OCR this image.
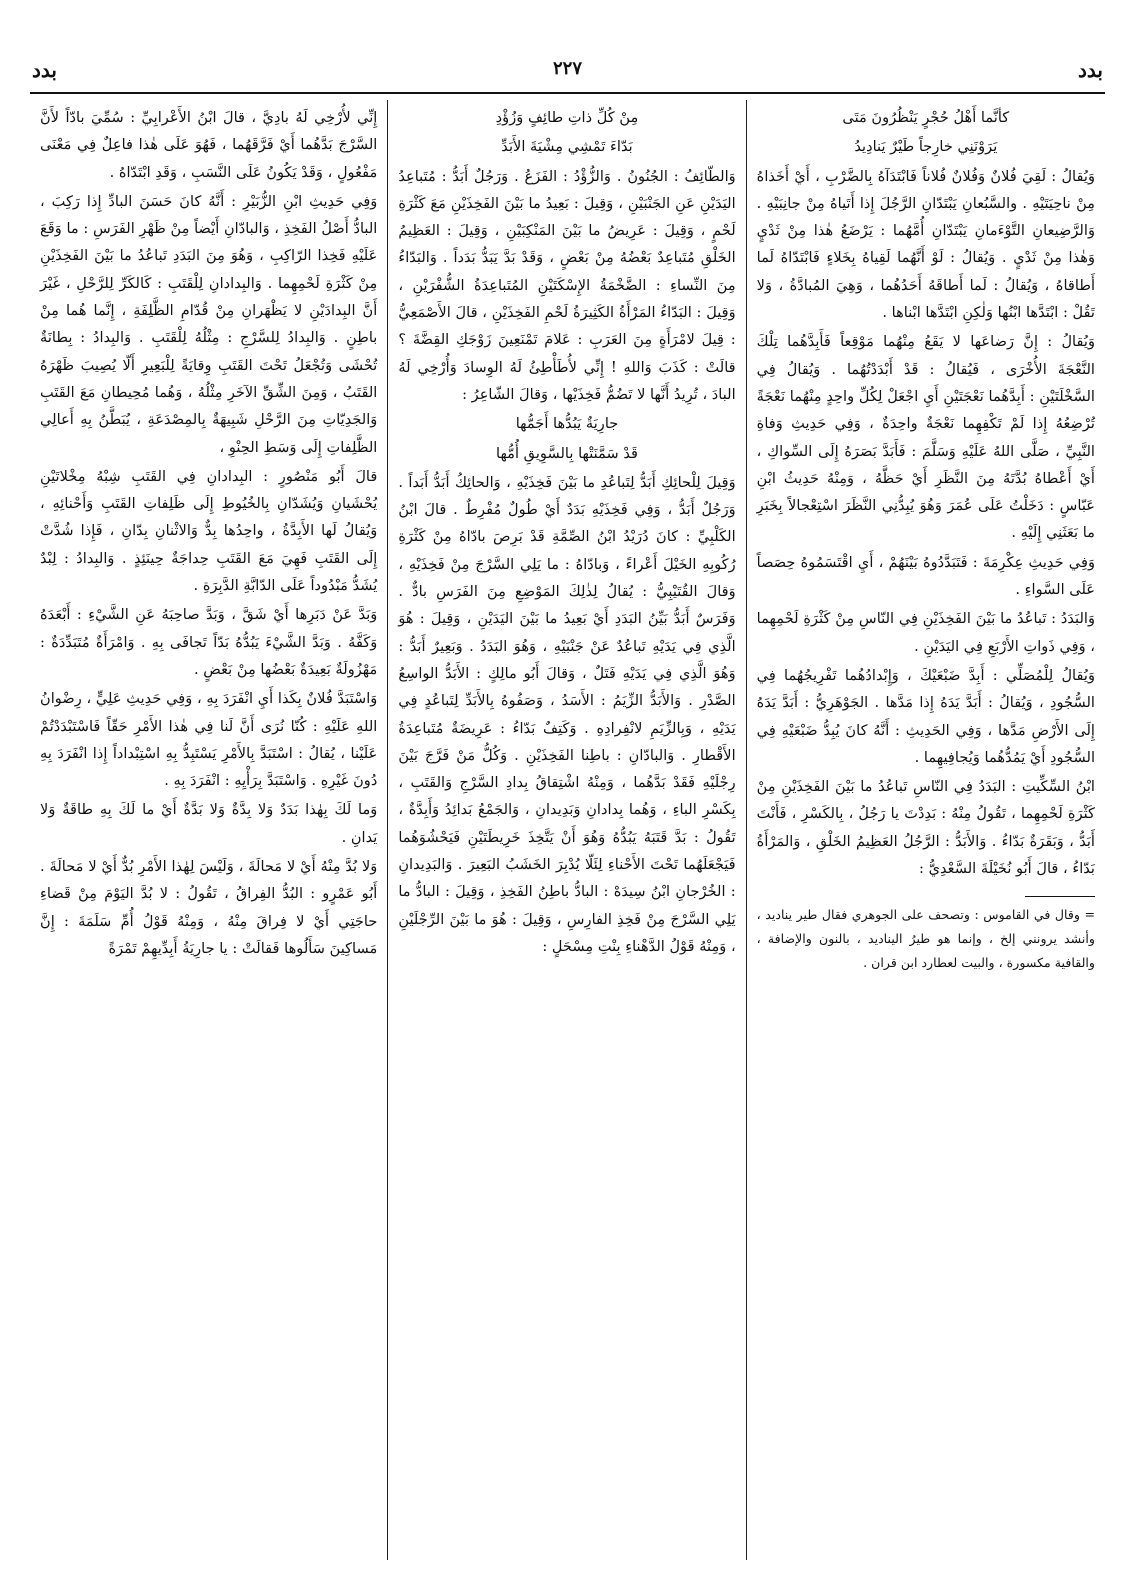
بدد
٢٢٧
بدد

كأنَّما أَهْلُ حُجْرٍ يَنْظُرُونَ مَتَى

يَرَوْنَنِي خارِجاً طَيْرٌ يَنادِيدُ

وَيُقالُ : لَقِيَ فُلانٌ وَفُلانٌ فُلاناً فَابْتَدَآهُ بِالضَّرْبِ ، أَيْ أَخَذاهُ مِنْ ناحِيَتَيْهِ . والسَّبُعانِ يَبْتَدّانِ الرَّجُلَ إِذا أَتَياهُ مِنْ جانِبَيْهِ . وَالرَّضِيعانِ التَّوْءَمانِ يَبْتَدّانِ أُمَّهُما : يَرْضَعُ هٰذا مِنْ ثَدْيٍ وَهٰذا مِنْ ثَدْيٍ . وَيُقالُ : لَوْ أَنَّهُما لَقِياهُ بِخَلاءٍ فَابْتَدّاهُ لَما أَطاقاهُ ، وَيُقالُ : لَما أَطاقَهُ أَحَدُهُما ، وَهِيَ المُبادَّةُ ، وَلا تَقُلْ : ابْتَدَّها ابْنُها وَلٰكِنِ ابْتَدَّها ابْناها .

وَيُقالُ : إِنَّ رَضاعَها لا يَقَعُ مِنْهُما مَوْقِعاً فَأَبِدَّهُما تِلْكَ النَّعْجَةَ الأُخْرَى ، فَيُقالُ : قَدْ أَبْدَدْتُهُما . وَيُقالُ فِي السَّخْلَتَيْنِ : أَبِدَّهُما نَعْجَتَيْنِ أَيِ اجْعَلْ لِكُلِّ واحِدٍ مِنْهُما نَعْجَةً تُرْضِعُهُ إِذا لَمْ تَكْفِهِما نَعْجَةٌ واحِدَةٌ ، وَفِي حَدِيثِ وَفاةِ النَّبِيِّ ، صَلَّى اللهُ عَلَيْهِ وَسَلَّمَ : فَأَبَدَّ بَصَرَهُ إِلَى السِّواكِ ، أَيْ أَعْطاهُ بُدَّتَهُ مِنَ النَّظَرِ أَيْ حَظَّهُ ، وَمِنْهُ حَدِيثُ ابْنِ عَبّاسٍ : دَخَلْتُ عَلَى عُمَرَ وَهُوَ يُبِدُّنِي النَّظَرَ اسْتِعْجالاً بِخَبَرِ ما بَعَثَنِي إِلَيْهِ .

وَفِي حَدِيثِ عِكْرِمَةَ : فَتَبَدَّدُوهُ بَيْنَهُمْ ، أَيِ اقْتَسَمُوهُ حِصَصاً عَلَى السَّواءِ .

وَالبَدَدُ : تَباعُدُ ما بَيْنَ الفَخِذَيْنِ فِي النّاسِ مِنْ كَثْرَةِ لَحْمِهِما ، وَفِي ذَواتِ الأَرْبَعِ فِي اليَدَيْنِ .

وَيُقالُ لِلْمُصَلِّي : أَبِدَّ ضَبْعَيْكَ ، وَإِبْدادُهُما تَفْرِيجُهُما فِي السُّجُودِ ، وَيُقالُ : أَبَدَّ يَدَهُ إِذا مَدَّها . الجَوْهَرِيُّ : أَبَدَّ يَدَهُ إِلَى الأَرْضِ مَدَّها ، وَفِي الحَدِيثِ : أَنَّهُ كانَ يُبِدُّ ضَبْعَيْهِ فِي السُّجُودِ أَيْ يَمُدُّهُما وَيُجافِيهِما .

ابْنُ السِّكِّيتِ : البَدَدُ فِي النّاسِ تَباعُدُ ما بَيْنَ الفَخِذَيْنِ مِنْ كَثْرَةِ لَحْمِهِما ، تَقُولُ مِنْهُ : بَدِدْتَ يا رَجُلُ ، بِالكَسْرِ ، فَأَنْتَ أَبَدُّ ، وَبَقَرَةٌ بَدّاءُ . وَالأَبَدُّ : الرَّجُلُ العَظِيمُ الخَلْقِ ، وَالمَرْأَةُ بَدّاءُ ، قالَ أَبُو نُخَيْلَةَ السَّعْدِيُّ :

= وقال في القاموس : وتصحف على الجوهري فقال طير يناديد ، وأنشد يرونني إلخ ، وإنما هو طيرُ اليناديد ، بالنون والإضافة ، والقافية مكسورة ، والبيت لعطارد ابن قران .

مِنْ كُلِّ ذاتِ طائِفٍ وَزُؤْدِ

بَدّاءَ تَمْشِي مِشْيَةَ الأَبَدِّ

وَالطّائِفُ : الجُنُونُ . وَالزُّؤْدُ : الفَزَعُ . وَرَجُلٌ أَبَدُّ : مُتَباعِدُ اليَدَيْنِ عَنِ الجَنْبَيْنِ ، وَقِيلَ : بَعِيدُ ما بَيْنَ الفَخِذَيْنِ مَعَ كَثْرَةِ لَحْمٍ ، وَقِيلَ : عَرِيضُ ما بَيْنَ المَنْكِبَيْنِ ، وَقِيلَ : العَظِيمُ الخَلْقِ مُتَباعِدٌ بَعْضُهُ مِنْ بَعْضٍ ، وَقَدْ بَدَّ يَبَدُّ بَدَداً . وَالبَدّاءُ مِنَ النِّساءِ : الضَّخْمَةُ الإِسْكَتَيْنِ المُتَباعِدَةُ الشُّفْرَيْنِ ، وَقِيلَ : البَدّاءُ المَرْأَةُ الكَثِيرَةُ لَحْمِ الفَخِذَيْنِ ، قالَ الأَصْمَعِيُّ : قِيلَ لامْرَأَةٍ مِنَ العَرَبِ : عَلامَ تَمْنَعِينَ زَوْجَكِ القِضَّةَ ؟ قالَتْ : كَذَبَ وَاللهِ ! إِنِّي لأُطَأْطِئُ لَهُ الوِسادَ وَأُرْخِي لَهُ البادَ ، تُرِيدُ أَنَّها لا تَضُمُّ فَخِذَيْها ، وَقالَ الشّاعِرُ :

جارِيَةٌ يَبُدُّها أَجَمُّها

قَدْ سَمَّنَتْها بِالسَّوِيقِ أُمُّها

وَقِيلَ لِلْحائِكِ أَبَدُّ لِتَباعُدِ ما بَيْنَ فَخِذَيْهِ ، وَالحائِكُ أَبَدُّ أَبَداً . وَرَجُلٌ أَبَدُّ ، وَفِي فَخِذَيْهِ بَدَدٌ أَيْ طُولٌ مُفْرِطٌ . قالَ ابْنُ الكَلْبِيِّ : كانَ دُرَيْدُ ابْنُ الصِّمَّةِ قَدْ بَرِصَ بادّاهُ مِنْ كَثْرَةِ رُكُوبِهِ الخَيْلَ أَعْراءً ، وَبادّاهُ : ما يَلِي السَّرْجَ مِنْ فَخِذَيْهِ ، وَقالَ القُتَيْبِيُّ : يُقالُ لِذٰلِكَ المَوْضِعِ مِنَ الفَرَسِ بادٌّ . وَفَرَسٌ أَبَدُّ بَيِّنُ البَدَدِ أَيْ بَعِيدُ ما بَيْنَ اليَدَيْنِ ، وَقِيلَ : هُوَ الَّذِي فِي يَدَيْهِ تَباعُدٌ عَنْ جَنْبَيْهِ ، وَهُوَ البَدَدُ . وَبَعِيرٌ أَبَدُّ : وَهُوَ الَّذِي فِي يَدَيْهِ فَتَلٌ ، وَقالَ أَبُو مالِكٍ : الأَبَدُّ الواسِعُ الصَّدْرِ . وَالأَبَدُّ الزِّيَمُ : الأَسَدُ ، وَصَفُوهُ بِالأَبَدِّ لِتَباعُدٍ فِي يَدَيْهِ ، وَبِالزِّيَمِ لانْفِرادِهِ . وَكَتِفٌ بَدّاءُ : عَرِيضَةٌ مُتَباعِدَةُ الأَقْطارِ . وَالبادّانِ : باطِنا الفَخِذَيْنِ . وَكُلُّ مَنْ فَرَّجَ بَيْنَ رِجْلَيْهِ فَقَدْ بَدَّهُما ، وَمِنْهُ اشْتِقاقُ بِدادِ السَّرْجِ وَالقَتَبِ ، بِكَسْرِ الباءِ ، وَهُما بِدادانِ وَبَدِيدانِ ، وَالجَمْعُ بَدائِدُ وَأَبِدَّةٌ ، تَقُولُ : بَدَّ قَتَبَهُ يَبُدُّهُ وَهُوَ أَنْ يَتَّخِذَ خَرِيطَتَيْنِ فَيَحْشُوَهُما فَيَجْعَلَهُما تَحْتَ الأَحْناءِ لِئَلّا يُدْبِرَ الخَشَبُ البَعِيرَ . وَالبَدِيدانِ : الخُرْجانِ ابْنُ سِيدَهْ : البادُّ باطِنُ الفَخِذِ ، وَقِيلَ : البادُّ ما يَلِي السَّرْجَ مِنْ فَخِذِ الفارِسِ ، وَقِيلَ : هُوَ ما بَيْنَ الرِّجْلَيْنِ ، وَمِنْهُ قَوْلُ الدَّهْناءِ بِنْتِ مِسْحَلٍ :

إِنِّي لأُرْخِي لَهُ بادِيَّ ، قالَ ابْنُ الأَعْرابِيِّ : سُمِّيَ بادّاً لأَنَّ السَّرْجَ بَدَّهُما أَيْ فَرَّقَهُما ، فَهُوَ عَلَى هٰذا فاعِلٌ فِي مَعْنَى مَفْعُولٍ ، وَقَدْ يَكُونُ عَلَى النَّسَبِ ، وَقَدِ ابْتَدّاهُ .

وَفِي حَدِيثِ ابْنِ الزُّبَيْرِ : أَنَّهُ كانَ حَسَنَ البادِّ إِذا رَكِبَ ، البادُّ أَصْلُ الفَخِذِ ، وَالبادّانِ أَيْضاً مِنْ ظَهْرِ الفَرَسِ : ما وَقَعَ عَلَيْهِ فَخِذا الرّاكِبِ ، وَهُوَ مِنَ البَدَدِ تَباعُدُ ما بَيْنَ الفَخِذَيْنِ مِنْ كَثْرَةِ لَحْمِهِما . وَالبِدادانِ لِلْقَتَبِ : كَالكَرِّ لِلرَّحْلِ ، غَيْرَ أَنَّ البِدادَيْنِ لا يَظْهَرانِ مِنْ قُدّامِ الظَّلِفَةِ ، إِنَّما هُما مِنْ باطِنٍ . وَالبِدادُ لِلسَّرْجِ : مِثْلُهُ لِلْقَتَبِ . وَالبِدادُ : بِطانَةٌ تُحْشَى وَتُجْعَلُ تَحْتَ القَتَبِ وِقايَةً لِلْبَعِيرِ أَلّا يُصِيبَ ظَهْرَهُ القَتَبُ ، وَمِنَ الشِّقِّ الآخَرِ مِثْلُهُ ، وَهُما مُحِيطانِ مَعَ القَتَبِ وَالجَدِيّاتِ مِنَ الرَّحْلِ شَبِيهَةٌ بِالمِصْدَعَةِ ، يُبَطَّنُ بِهِ أَعالِي الظَّلِفاتِ إِلَى وَسَطِ الحِنْوِ ،

قالَ أَبُو مَنْصُورٍ : البِدادانِ فِي القَتَبِ شِبْهُ مِخْلاتَيْنِ يُحْشَيانِ وَيُشَدّانِ بِالخُيُوطِ إِلَى ظَلِفاتِ القَتَبِ وَأَحْنائِهِ ، وَيُقالُ لَها الأَبِدَّةُ ، واحِدُها بِدٌّ وَالاثْنانِ بِدّانِ ، فَإِذا شُدَّتْ إِلَى القَتَبِ فَهِيَ مَعَ القَتَبِ حِداجَةٌ حِينَئِذٍ . وَالبِدادُ : لِبْدٌ يُشَدُّ مَبْدُوداً عَلَى الدّابَّةِ الدَّبِرَةِ .

وَبَدَّ عَنْ دَبَرِها أَيْ شَقَّ ، وَبَدَّ صاحِبَهُ عَنِ الشَّيْءِ : أَبْعَدَهُ وَكَفَّهُ . وَبَدَّ الشَّيْءَ يَبُدُّهُ بَدّاً تَجافَى بِهِ . وَامْرَأَةٌ مُتَبَدِّدَةٌ : مَهْزُولَةٌ بَعِيدَةٌ بَعْضُها مِنْ بَعْضٍ .

وَاسْتَبَدَّ فُلانٌ بِكَذا أَيِ انْفَرَدَ بِهِ ، وَفِي حَدِيثِ عَلِيٍّ ، رِضْوانُ اللهِ عَلَيْهِ : كُنّا نُرَى أَنَّ لَنا فِي هٰذا الأَمْرِ حَقّاً فَاسْتَبْدَدْتُمْ عَلَيْنا ، يُقالُ : اسْتَبَدَّ بِالأَمْرِ يَسْتَبِدُّ بِهِ اسْتِبْداداً إِذا انْفَرَدَ بِهِ دُونَ غَيْرِهِ . وَاسْتَبَدَّ بِرَأْيِهِ : انْفَرَدَ بِهِ .

وَما لَكَ بِهٰذا بَدَدٌ وَلا بِدَّةٌ وَلا بَدَّةٌ أَيْ ما لَكَ بِهِ طاقَةٌ وَلا يَدانِ .

وَلا بُدَّ مِنْهُ أَيْ لا مَحالَةَ ، وَلَيْسَ لِهٰذا الأَمْرِ بُدٌّ أَيْ لا مَحالَةَ . أَبُو عَمْرٍو : البُدُّ الفِراقُ ، تَقُولُ : لا بُدَّ اليَوْمَ مِنْ قَضاءِ حاجَتِي أَيْ لا فِراقَ مِنْهُ ، وَمِنْهُ قَوْلُ أُمِّ سَلَمَةَ : إِنَّ مَساكِينَ سَأَلُوها فَقالَتْ : يا جارِيَةُ أَبِدِّيهِمْ تَمْرَةً
